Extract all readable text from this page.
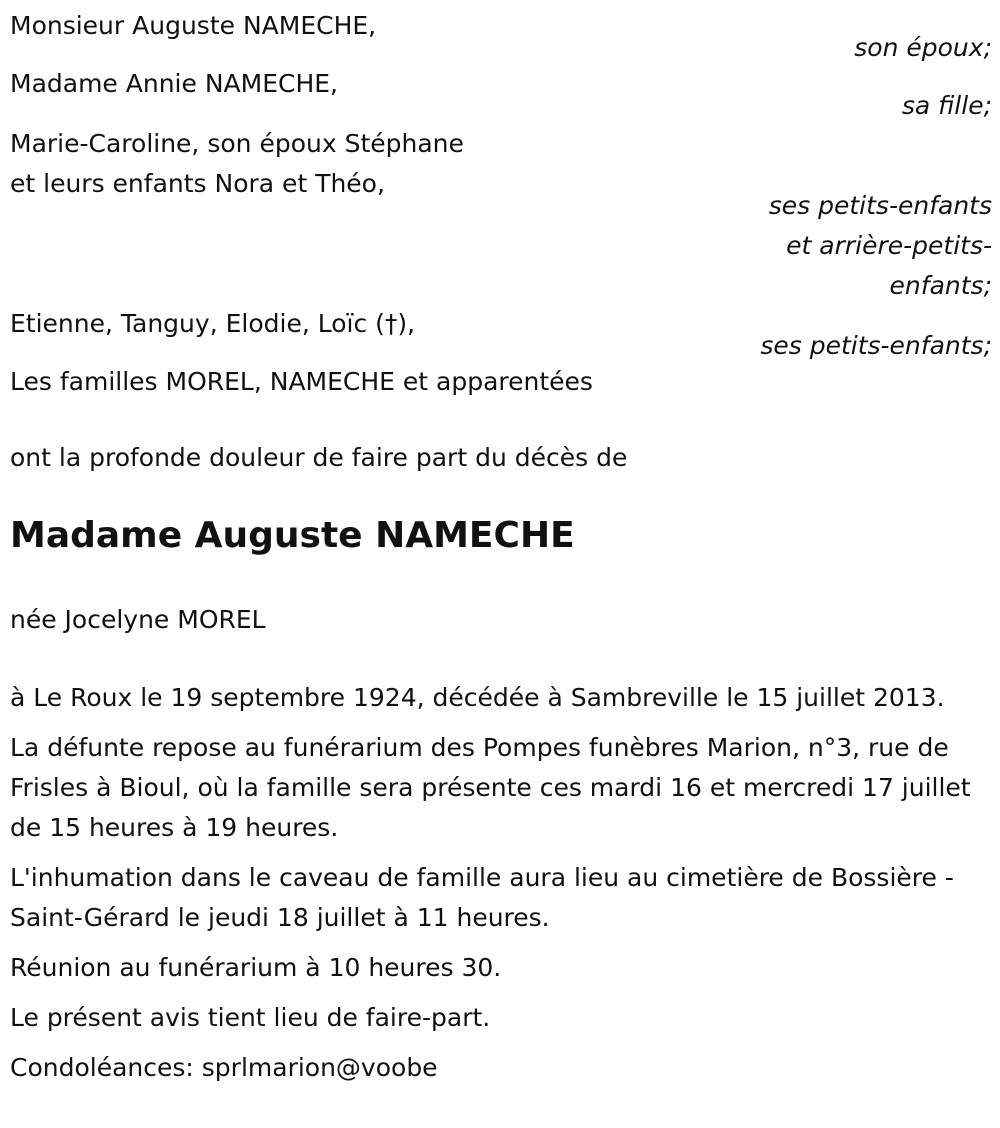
Monsieur Auguste NAMECHE,
son époux;
Madame Annie NAMECHE,
sa fille;
Marie-Caroline, son époux Stéphane
et leurs enfants Nora et Théo,
ses petits-enfants
et arrière-petits-
enfants;
Etienne, Tanguy, Elodie, Loïc (†),
ses petits-enfants;
Les familles MOREL, NAMECHE et apparentées
ont la profonde douleur de faire part du décès de
Madame Auguste NAMECHE
née Jocelyne MOREL
à Le Roux le 19 septembre 1924, décédée à Sambreville le 15 juillet 2013.
La défunte repose au funérarium des Pompes funèbres Marion, n°3, rue de Frisles à Bioul, où la famille sera présente ces mardi 16 et mercredi 17 juillet de 15 heures à 19 heures.
L'inhumation dans le caveau de famille aura lieu au cimetière de Bossière - Saint-Gérard le jeudi 18 juillet à 11 heures.
Réunion au funérarium à 10 heures 30.
Le présent avis tient lieu de faire-part.
Condoléances: sprlmarion@voobe
